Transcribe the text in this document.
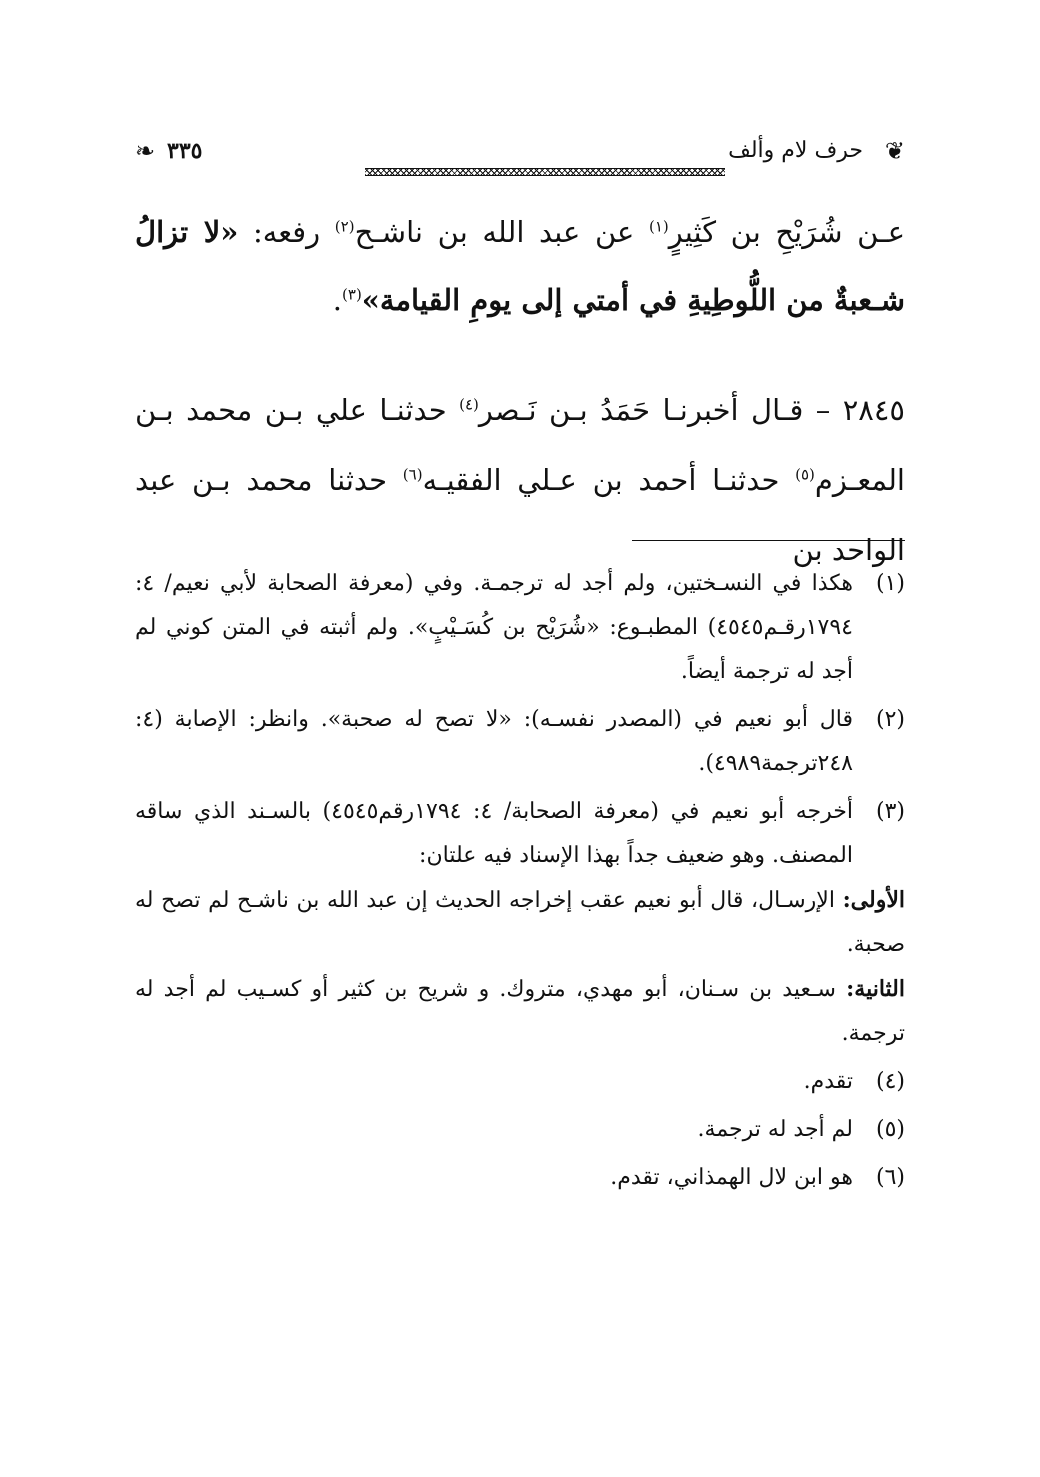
❦
حرف لام وألف
٣٣٥
❧

عـن شُرَيْحِ بن كَثِيرٍ$^{(١)}$ عن عبد الله بن ناشـح$^{(٢)}$ رفعه: «لا تزالُ شـعبةٌ من اللُّوطِيةِ في أمتي إلى يومِ القيامة»$^{(٣)}$.

٢٨٤٥ – قـال أخبرنـا حَمَدُ بـن نَـصر$^{(٤)}$ حدثنـا علي بـن محمد بـن المعـزم$^{(٥)}$ حدثنـا أحمد بن عـلي الفقيـه$^{(٦)}$ حدثنا محمد بـن عبد الواحد بن

(١)
هكذا في النسـختين، ولم أجد له ترجمـة. وفي (معرفة الصحابة لأبي نعيم/ ٤: ١٧٩٤رقـم٤٥٤٥) المطبـوع: «شُرَيْح بن كُسَـيْبٍ». ولم أثبته في المتن كوني لم أجد له ترجمة أيضاً.
(٢)
قال أبو نعيم في (المصدر نفسـه): «لا تصح له صحبة». وانظر: الإصابة (٤: ٢٤٨ترجمة٤٩٨٩).
(٣)
أخرجه أبو نعيم في (معرفة الصحابة/ ٤: ١٧٩٤رقم٤٥٤٥) بالسـند الذي ساقه المصنف. وهو ضعيف جداً بهذا الإسناد فيه علتان:
الأولى: الإرسـال، قال أبو نعيم عقب إخراجه الحديث إن عبد الله بن ناشـح لم تصح له صحبة.
الثانية: سـعيد بن سـنان، أبو مهدي، متروك. و شريح بن كثير أو كسـيب لم أجد له ترجمة.
(٤)
تقدم.
(٥)
لم أجد له ترجمة.
(٦)
هو ابن لال الهمذاني، تقدم.
